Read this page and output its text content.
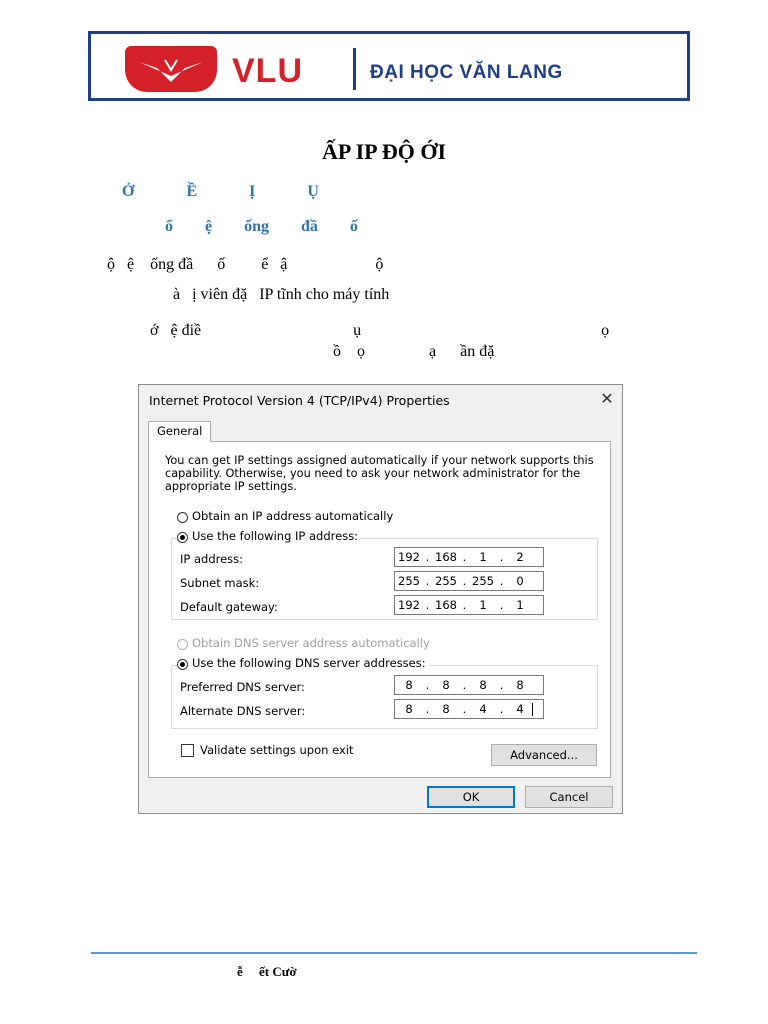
VLU	ĐẠI HỌC VĂN LANG
ẤP IP ĐỘ ỚI
Ở Ề Ị Ụ
ổ ệ ống đầ ố
ộ   ệ    ống đầ      ố         ể   ậ                      ộ
à   ị viên đặ   IP tĩnh cho máy tính
ớ   ệ điề                                      ụ                                                            ọ
ồ    ọ                ạ      ần đặ
Internet Protocol Version 4 (TCP/IPv4) Properties	✕
General
You can get IP settings assigned automatically if your network supports this capability. Otherwise, you need to ask your network administrator for the appropriate IP settings.
Obtain an IP address automatically
Use the following IP address:
IP address:	192 . 168 .	1	.	2
Subnet mask:	255 . 255 . 255 .	0
Default gateway:	192 . 168 .	1	.	1
Obtain DNS server address automatically
Use the following DNS server addresses:
Preferred DNS server:	8	.	8	.	8	.	8
Alternate DNS server:	8	.	8	.	4	.	4
Validate settings upon exit	Advanced...
OK	Cancel
ễ     ết Cườ
